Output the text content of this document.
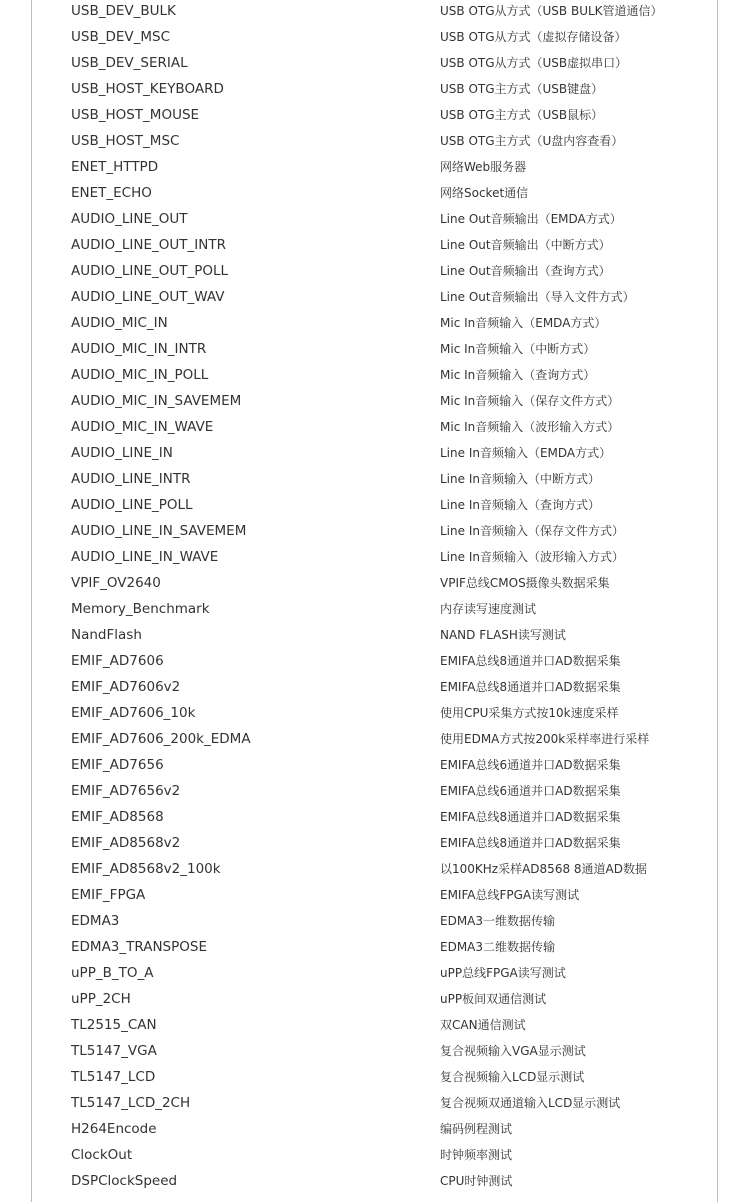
USB_DEV_BULK	USB OTG从方式（USB BULK管道通信）
USB_DEV_MSC	USB OTG从方式（虚拟存储设备）
USB_DEV_SERIAL	USB OTG从方式（USB虚拟串口）
USB_HOST_KEYBOARD	USB OTG主方式（USB键盘）
USB_HOST_MOUSE	USB OTG主方式（USB鼠标）
USB_HOST_MSC	USB OTG主方式（U盘内容查看）
ENET_HTTPD	网络Web服务器
ENET_ECHO	网络Socket通信
AUDIO_LINE_OUT	Line Out音频输出（EMDA方式）
AUDIO_LINE_OUT_INTR	Line Out音频输出（中断方式）
AUDIO_LINE_OUT_POLL	Line Out音频输出（查询方式）
AUDIO_LINE_OUT_WAV	Line Out音频输出（导入文件方式）
AUDIO_MIC_IN	Mic In音频输入（EMDA方式）
AUDIO_MIC_IN_INTR	Mic In音频输入（中断方式）
AUDIO_MIC_IN_POLL	Mic In音频输入（查询方式）
AUDIO_MIC_IN_SAVEMEM	Mic In音频输入（保存文件方式）
AUDIO_MIC_IN_WAVE	Mic In音频输入（波形输入方式）
AUDIO_LINE_IN	Line In音频输入（EMDA方式）
AUDIO_LINE_INTR	Line In音频输入（中断方式）
AUDIO_LINE_POLL	Line In音频输入（查询方式）
AUDIO_LINE_IN_SAVEMEM	Line In音频输入（保存文件方式）
AUDIO_LINE_IN_WAVE	Line In音频输入（波形输入方式）
VPIF_OV2640	VPIF总线CMOS摄像头数据采集
Memory_Benchmark	内存读写速度测试
NandFlash	NAND FLASH读写测试
EMIF_AD7606	EMIFA总线8通道并口AD数据采集
EMIF_AD7606v2	EMIFA总线8通道并口AD数据采集
EMIF_AD7606_10k	使用CPU采集方式按10k速度采样
EMIF_AD7606_200k_EDMA	使用EDMA方式按200k采样率进行采样
EMIF_AD7656	EMIFA总线6通道并口AD数据采集
EMIF_AD7656v2	EMIFA总线6通道并口AD数据采集
EMIF_AD8568	EMIFA总线8通道并口AD数据采集
EMIF_AD8568v2	EMIFA总线8通道并口AD数据采集
EMIF_AD8568v2_100k	以100KHz采样AD8568 8通道AD数据
EMIF_FPGA	EMIFA总线FPGA读写测试
EDMA3	EDMA3一维数据传输
EDMA3_TRANSPOSE	EDMA3二维数据传输
uPP_B_TO_A	uPP总线FPGA读写测试
uPP_2CH	uPP板间双通信测试
TL2515_CAN	双CAN通信测试
TL5147_VGA	复合视频输入VGA显示测试
TL5147_LCD	复合视频输入LCD显示测试
TL5147_LCD_2CH	复合视频双通道输入LCD显示测试
H264Encode	编码例程测试
ClockOut	时钟频率测试
DSPClockSpeed	CPU时钟测试
